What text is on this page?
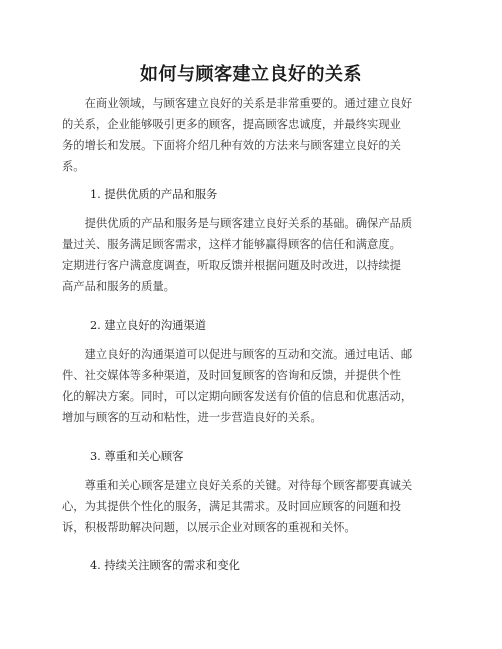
如何与顾客建立良好的关系
　　在商业领域，与顾客建立良好的关系是非常重要的。通过建立良好
的关系，企业能够吸引更多的顾客，提高顾客忠诚度，并最终实现业
务的增长和发展。下面将介绍几种有效的方法来与顾客建立良好的关
系。
1. 提供优质的产品和服务
　　提供优质的产品和服务是与顾客建立良好关系的基础。确保产品质
量过关、服务满足顾客需求，这样才能够赢得顾客的信任和满意度。
定期进行客户满意度调查，听取反馈并根据问题及时改进，以持续提
高产品和服务的质量。
2. 建立良好的沟通渠道
　　建立良好的沟通渠道可以促进与顾客的互动和交流。通过电话、邮
件、社交媒体等多种渠道，及时回复顾客的咨询和反馈，并提供个性
化的解决方案。同时，可以定期向顾客发送有价值的信息和优惠活动，
增加与顾客的互动和粘性，进一步营造良好的关系。
3. 尊重和关心顾客
　　尊重和关心顾客是建立良好关系的关键。对待每个顾客都要真诚关
心，为其提供个性化的服务，满足其需求。及时回应顾客的问题和投
诉，积极帮助解决问题，以展示企业对顾客的重视和关怀。
4. 持续关注顾客的需求和变化
